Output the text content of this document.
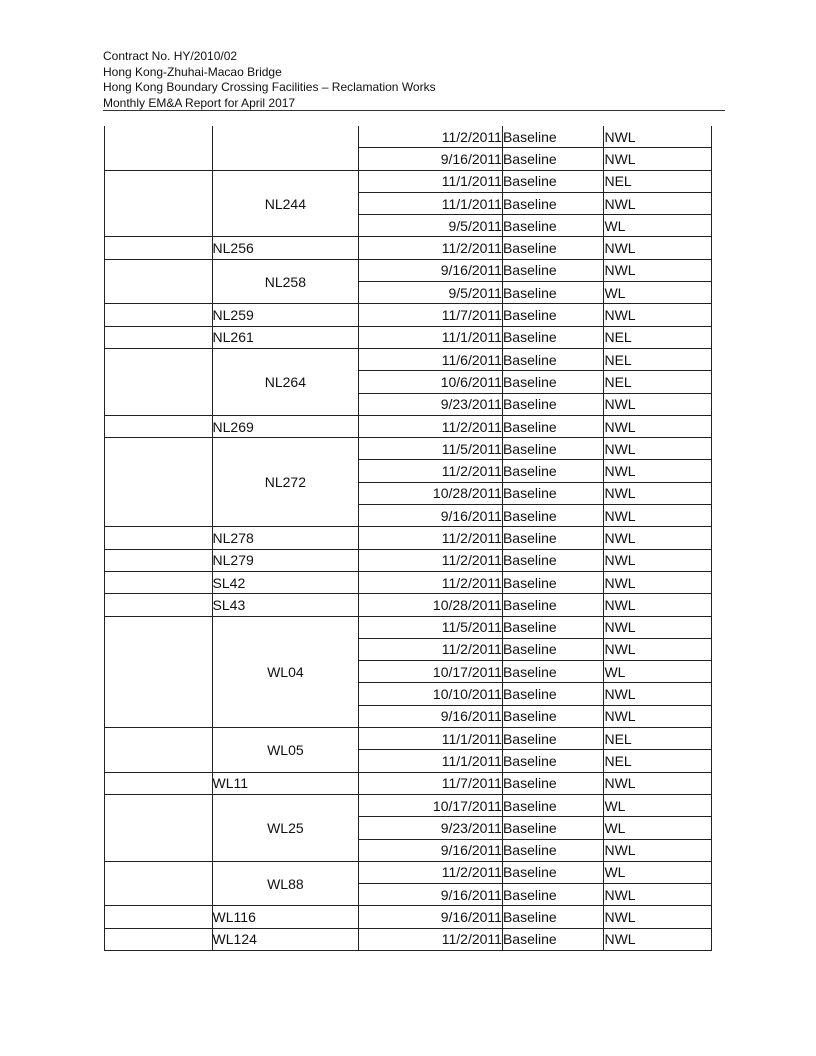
Contract No. HY/2010/02
Hong Kong-Zhuhai-Macao Bridge
Hong Kong Boundary Crossing Facilities – Reclamation Works
Monthly EM&A Report for April 2017
		11/2/2011	Baseline	NWL
		9/16/2011	Baseline	NWL
	NL244	11/1/2011	Baseline	NEL
		11/1/2011	Baseline	NWL
		9/5/2011	Baseline	WL
	NL256	11/2/2011	Baseline	NWL
	NL258	9/16/2011	Baseline	NWL
		9/5/2011	Baseline	WL
	NL259	11/7/2011	Baseline	NWL
	NL261	11/1/2011	Baseline	NEL
	NL264	11/6/2011	Baseline	NEL
		10/6/2011	Baseline	NEL
		9/23/2011	Baseline	NWL
	NL269	11/2/2011	Baseline	NWL
	NL272	11/5/2011	Baseline	NWL
		11/2/2011	Baseline	NWL
		10/28/2011	Baseline	NWL
		9/16/2011	Baseline	NWL
	NL278	11/2/2011	Baseline	NWL
	NL279	11/2/2011	Baseline	NWL
	SL42	11/2/2011	Baseline	NWL
	SL43	10/28/2011	Baseline	NWL
	WL04	11/5/2011	Baseline	NWL
		11/2/2011	Baseline	NWL
		10/17/2011	Baseline	WL
		10/10/2011	Baseline	NWL
		9/16/2011	Baseline	NWL
	WL05	11/1/2011	Baseline	NEL
		11/1/2011	Baseline	NEL
	WL11	11/7/2011	Baseline	NWL
	WL25	10/17/2011	Baseline	WL
		9/23/2011	Baseline	WL
		9/16/2011	Baseline	NWL
	WL88	11/2/2011	Baseline	WL
		9/16/2011	Baseline	NWL
	WL116	9/16/2011	Baseline	NWL
	WL124	11/2/2011	Baseline	NWL
